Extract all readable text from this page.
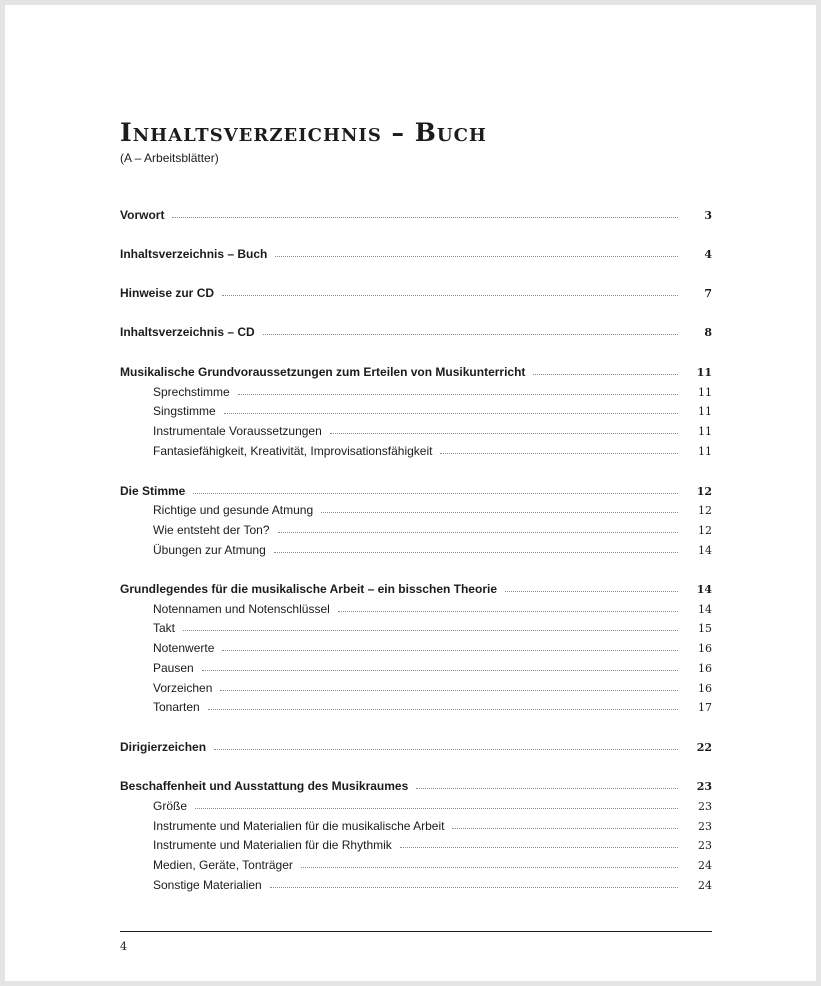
Inhaltsverzeichnis – Buch

(A – Arbeitsblätter)

Vorwort	3
Inhaltsverzeichnis – Buch	4
Hinweise zur CD	7
Inhaltsverzeichnis – CD	8
Musikalische Grundvoraussetzungen zum Erteilen von Musikunterricht	11
Sprechstimme	11
Singstimme	11
Instrumentale Voraussetzungen	11
Fantasiefähigkeit, Kreativität, Improvisationsfähigkeit	11
Die Stimme	12
Richtige und gesunde Atmung	12
Wie entsteht der Ton?	12
Übungen zur Atmung	14
Grundlegendes für die musikalische Arbeit – ein bisschen Theorie	14
Notennamen und Notenschlüssel	14
Takt	15
Notenwerte	16
Pausen	16
Vorzeichen	16
Tonarten	17
Dirigierzeichen	22
Beschaffenheit und Ausstattung des Musikraumes	23
Größe	23
Instrumente und Materialien für die musikalische Arbeit	23
Instrumente und Materialien für die Rhythmik	23
Medien, Geräte, Tonträger	24
Sonstige Materialien	24
4
